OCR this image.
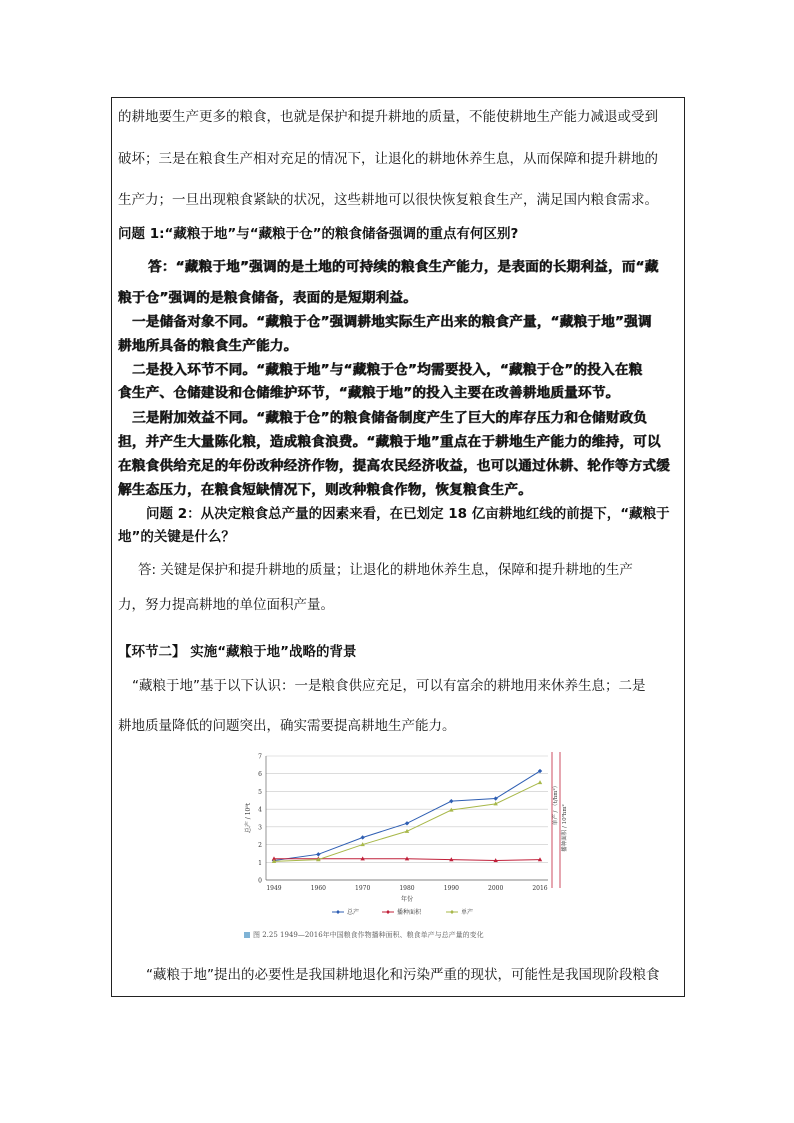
的耕地要生产更多的粮食，也就是保护和提升耕地的质量，不能使耕地生产能力减退或受到
破坏；三是在粮食生产相对充足的情况下，让退化的耕地休养生息，从而保障和提升耕地的
生产力；一旦出现粮食紧缺的状况，这些耕地可以很快恢复粮食生产，满足国内粮食需求。
问题 1:“藏粮于地”与“藏粮于仓”的粮食储备强调的重点有何区别?
答：“藏粮于地”强调的是土地的可持续的粮食生产能力，是表面的长期利益，而“藏
粮于仓”强调的是粮食储备，表面的是短期利益。
一是储备对象不同。“藏粮于仓”强调耕地实际生产出来的粮食产量，“藏粮于地”强调
耕地所具备的粮食生产能力。
二是投入环节不同。“藏粮于地”与“藏粮于仓”均需要投入，“藏粮于仓”的投入在粮
食生产、仓储建设和仓储维护环节，“藏粮于地”的投入主要在改善耕地质量环节。
三是附加效益不同。“藏粮于仓”的粮食储备制度产生了巨大的库存压力和仓储财政负
担，并产生大量陈化粮，造成粮食浪费。“藏粮于地”重点在于耕地生产能力的维持，可以
在粮食供给充足的年份改种经济作物，提高农民经济收益，也可以通过休耕、轮作等方式缓
解生态压力，在粮食短缺情况下，则改种粮食作物，恢复粮食生产。
问题 2：从决定粮食总产量的因素来看，在已划定 18 亿亩耕地红线的前提下，“藏粮于
地”的关键是什么？
答: 关键是保护和提升耕地的质量；让退化的耕地休养生息，保障和提升耕地的生产
力，努力提高耕地的单位面积产量。
【环节二】 实施“藏粮于地”战略的背景
“藏粮于地”基于以下认识：一是粮食供应充足，可以有富余的耕地用来休养生息；二是
耕地质量降低的问题突出，确实需要提高耕地生产能力。
0
1
2
3
4
5
6
7
1949	1960	1970	1980	1990	2000	2016
年份
总产 / 10⁸t	单产 / （t/hm²）
播种面积 / 10⁸hm²
总产	播种面积	单产
图 2.25 1949—2016年中国粮食作物播种面积、粮食单产与总产量的变化
“藏粮于地”提出的必要性是我国耕地退化和污染严重的现状，可能性是我国现阶段粮食
